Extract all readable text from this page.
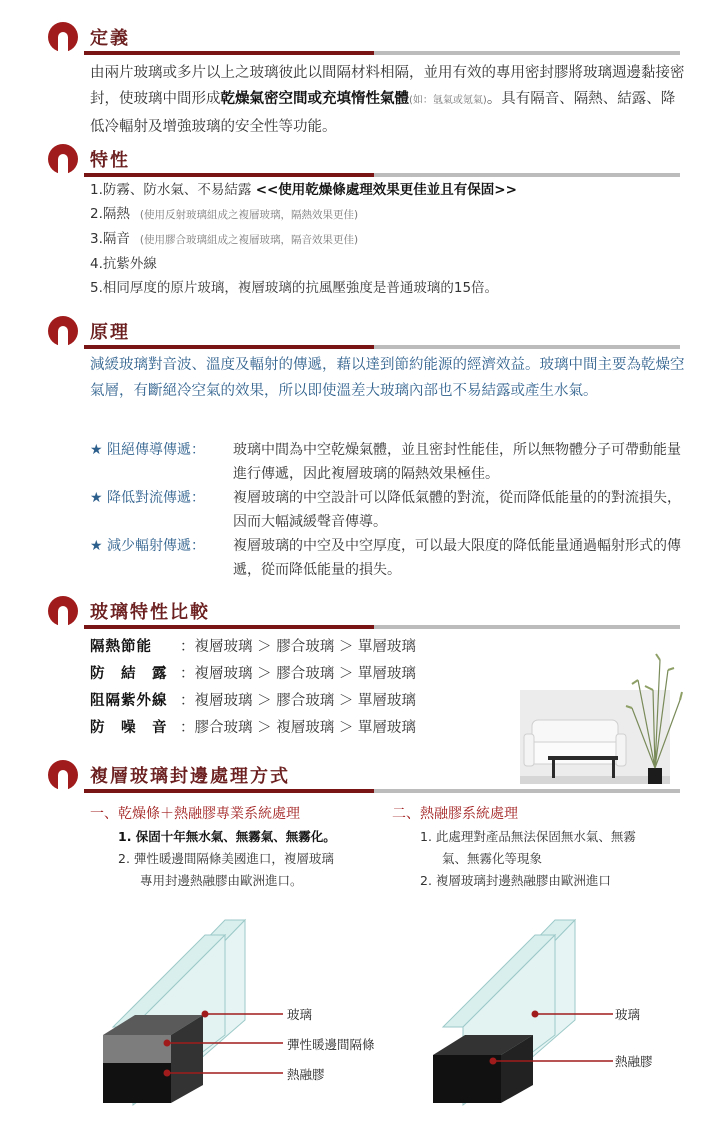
定義
由兩片玻璃或多片以上之玻璃彼此以間隔材料相隔，並用有效的專用密封膠將玻璃週邊黏接密封，使玻璃中間形成乾燥氣密空間或充填惰性氣體(如：氬氣或氪氣)。具有隔音、隔熱、結露、降低冷輻射及增強玻璃的安全性等功能。
特性
1.防霧、防水氣、不易結露 <<使用乾燥條處理效果更佳並且有保固>>
2.隔熱 (使用反射玻璃組成之複層玻璃，隔熱效果更佳)
3.隔音 (使用膠合玻璃組成之複層玻璃，隔音效果更佳)
4.抗紫外線
5.相同厚度的原片玻璃，複層玻璃的抗風壓強度是普通玻璃的15倍。
原理
減緩玻璃對音波、溫度及輻射的傳遞，藉以達到節約能源的經濟效益。玻璃中間主要為乾燥空氣層，有斷絕冷空氣的效果，所以即使溫差大玻璃內部也不易結露或產生水氣。
★ 阻絕傳導傳遞：	玻璃中間為中空乾燥氣體，並且密封性能佳，所以無物體分子可帶動能量進行傳遞，因此複層玻璃的隔熱效果極佳。
★ 降低對流傳遞：	複層玻璃的中空設計可以降低氣體的對流，從而降低能量的的對流損失，因而大幅減緩聲音傳導。
★ 減少輻射傳遞：	複層玻璃的中空及中空厚度，可以最大限度的降低能量通過輻射形式的傳遞，從而降低能量的損失。
玻璃特性比較
隔熱節能 ：複層玻璃 ＞ 膠合玻璃 ＞ 單層玻璃
防　結　露 ：複層玻璃 ＞ 膠合玻璃 ＞ 單層玻璃
阻隔紫外線 ：複層玻璃 ＞ 膠合玻璃 ＞ 單層玻璃
防　噪　音 ：膠合玻璃 ＞ 複層玻璃 ＞ 單層玻璃
複層玻璃封邊處理方式
一、乾燥條＋熱融膠專業系統處理
1. 保固十年無水氣、無霧氣、無霧化。
2. 彈性暖邊間隔條美國進口，複層玻璃
專用封邊熱融膠由歐洲進口。
二、熱融膠系統處理
1. 此處理對產品無法保固無水氣、無霧
氣、無霧化等現象
2. 複層玻璃封邊熱融膠由歐洲進口
玻璃
彈性暖邊間隔條
熱融膠
玻璃
熱融膠
